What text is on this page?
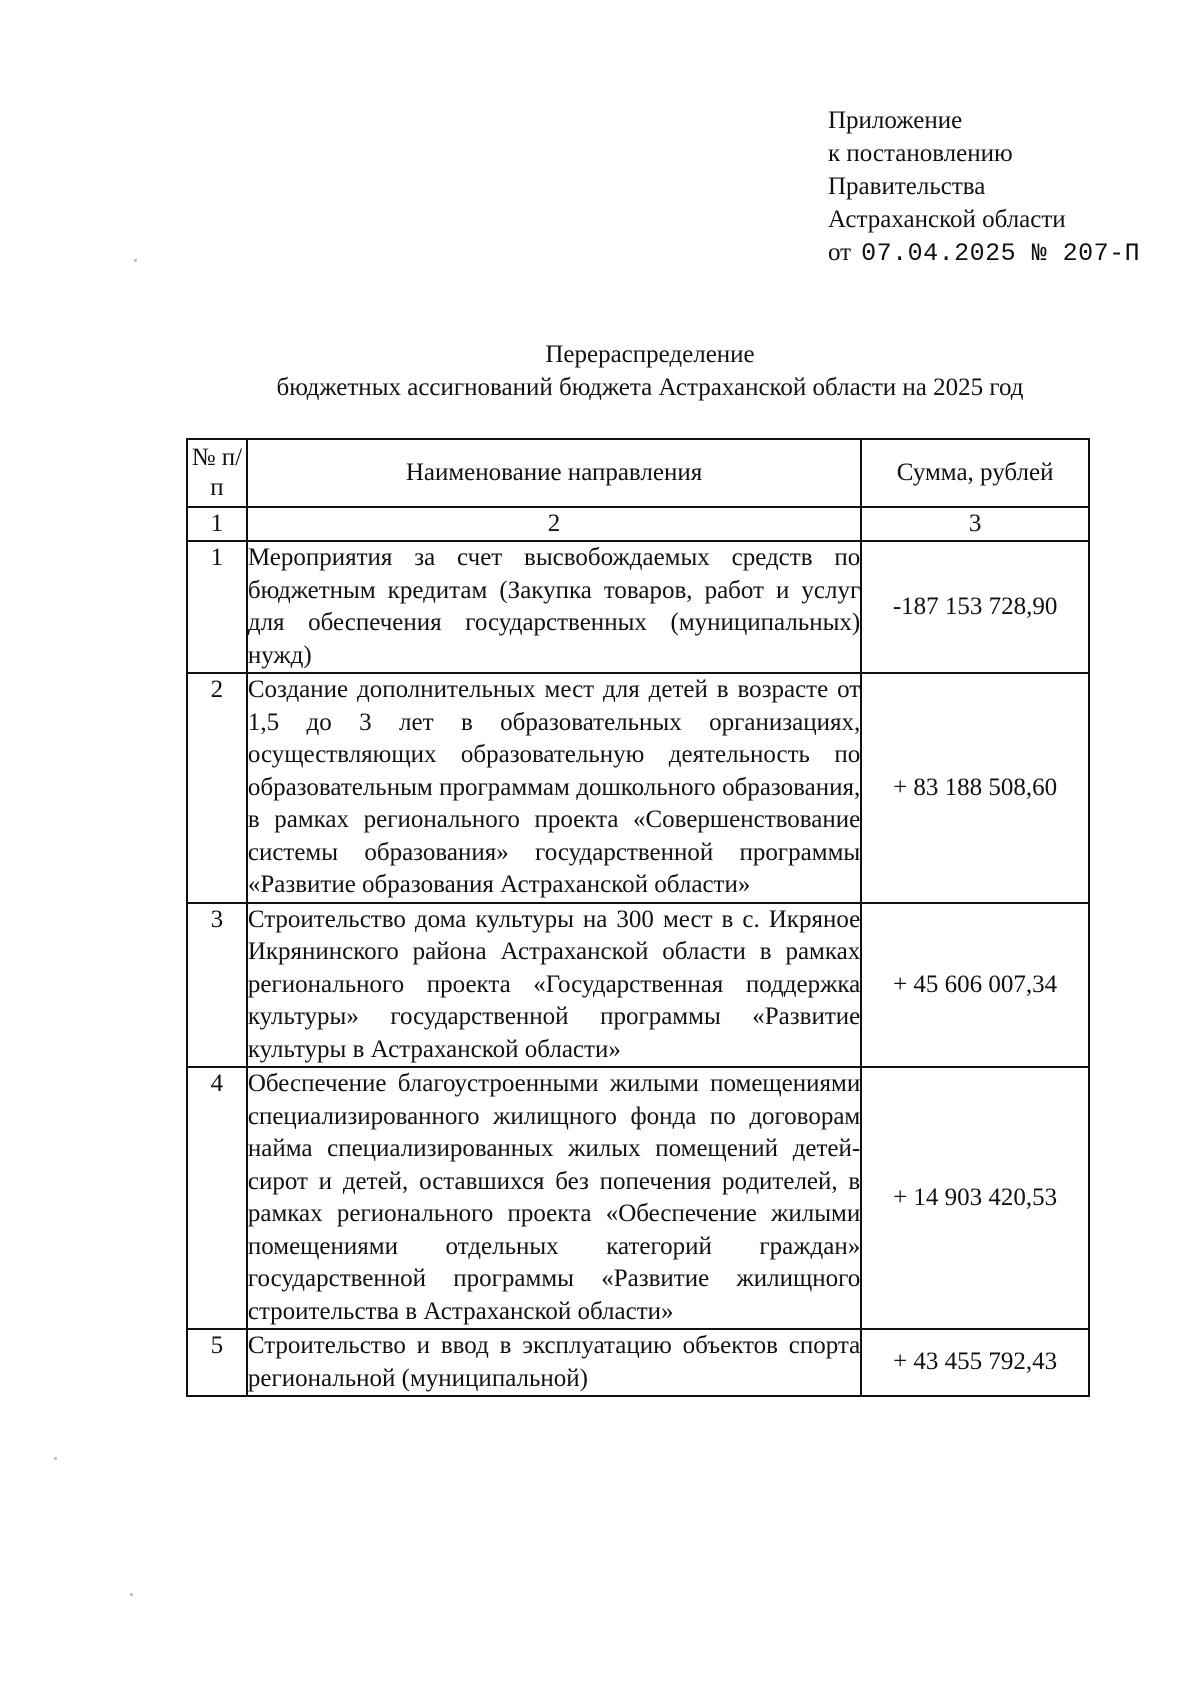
Приложение
к постановлению
Правительства
Астраханской области
от 07.04.2025 № 207-П
Перераспределение
бюджетных ассигнований бюджета Астраханской области на 2025 год
№ п/п	Наименование направления	Сумма, рублей
1	2	3
1	Мероприятия за счет высвобождаемых средств по бюджетным кредитам (Закупка товаров, работ и услуг для обеспечения государственных (муниципальных) нужд)	-187 153 728,90
2	Создание дополнительных мест для детей в возрасте от 1,5 до 3 лет в образовательных организациях, осуществляющих образовательную деятельность по образовательным программам дошкольного образования, в рамках регионального проекта «Совершенствование системы образования» государственной программы «Развитие образования Астраханской области»	+ 83 188 508,60
3	Строительство дома культуры на 300 мест в с. Икряное Икрянинского района Астраханской области в рамках регионального проекта «Государственная поддержка культуры» государственной программы «Развитие культуры в Астраханской области»	+ 45 606 007,34
4	Обеспечение благоустроенными жилыми помещениями специализированного жилищного фонда по договорам найма специализированных жилых помещений детей-сирот и детей, оставшихся без попечения родителей, в рамках регионального проекта «Обеспечение жилыми помещениями отдельных категорий граждан» государственной программы «Развитие жилищного строительства в Астраханской области»	+ 14 903 420,53
5	Строительство и ввод в эксплуатацию объектов спорта региональной (муниципальной)	+ 43 455 792,43
